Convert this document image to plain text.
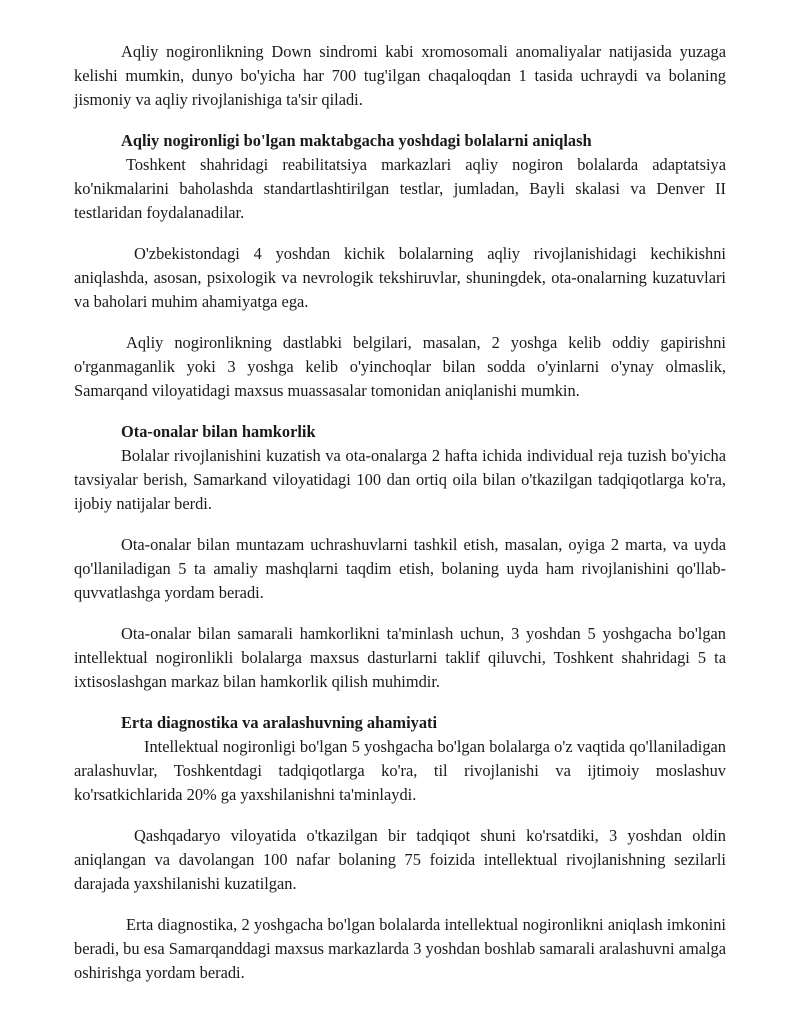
Aqliy nogironlikning Down sindromi kabi xromosomali anomaliyalar natijasida yuzaga kelishi mumkin, dunyo bo'yicha har 700 tug'ilgan chaqaloqdan 1 tasida uchraydi va bolaning jismoniy va aqliy rivojlanishiga ta'sir qiladi.

Aqliy nogironligi bo'lgan maktabgacha yoshdagi bolalarni aniqlash

Toshkent shahridagi reabilitatsiya markazlari aqliy nogiron bolalarda adaptatsiya ko'nikmalarini baholashda standartlashtirilgan testlar, jumladan, Bayli skalasi va Denver II testlaridan foydalanadilar.

O'zbekistondagi 4 yoshdan kichik bolalarning aqliy rivojlanishidagi kechikishni aniqlashda, asosan, psixologik va nevrologik tekshiruvlar, shuningdek, ota-onalarning kuzatuvlari va baholari muhim ahamiyatga ega.

Aqliy nogironlikning dastlabki belgilari, masalan, 2 yoshga kelib oddiy gapirishni o'rganmaganlik yoki 3 yoshga kelib o'yinchoqlar bilan sodda o'yinlarni o'ynay olmaslik, Samarqand viloyatidagi maxsus muassasalar tomonidan aniqlanishi mumkin.

Ota-onalar bilan hamkorlik

Bolalar rivojlanishini kuzatish va ota-onalarga 2 hafta ichida individual reja tuzish bo'yicha tavsiyalar berish, Samarkand viloyatidagi 100 dan ortiq oila bilan o'tkazilgan tadqiqotlarga ko'ra, ijobiy natijalar berdi.

Ota-onalar bilan muntazam uchrashuvlarni tashkil etish, masalan, oyiga 2 marta, va uyda qo'llaniladigan 5 ta amaliy mashqlarni taqdim etish, bolaning uyda ham rivojlanishini qo'llab-quvvatlashga yordam beradi.

Ota-onalar bilan samarali hamkorlikni ta'minlash uchun, 3 yoshdan 5 yoshgacha bo'lgan intellektual nogironlikli bolalarga maxsus dasturlarni taklif qiluvchi, Toshkent shahridagi 5 ta ixtisoslashgan markaz bilan hamkorlik qilish muhimdir.

Erta diagnostika va aralashuvning ahamiyati

Intellektual nogironligi bo'lgan 5 yoshgacha bo'lgan bolalarga o'z vaqtida qo'llaniladigan aralashuvlar, Toshkentdagi tadqiqotlarga ko'ra, til rivojlanishi va ijtimoiy moslashuv ko'rsatkichlarida 20% ga yaxshilanishni ta'minlaydi.

Qashqadaryo viloyatida o'tkazilgan bir tadqiqot shuni ko'rsatdiki, 3 yoshdan oldin aniqlangan va davolangan 100 nafar bolaning 75 foizida intellektual rivojlanishning sezilarli darajada yaxshilanishi kuzatilgan.

Erta diagnostika, 2 yoshgacha bo'lgan bolalarda intellektual nogironlikni aniqlash imkonini beradi, bu esa Samarqanddagi maxsus markazlarda 3 yoshdan boshlab samarali aralashuvni amalga oshirishga yordam beradi.
